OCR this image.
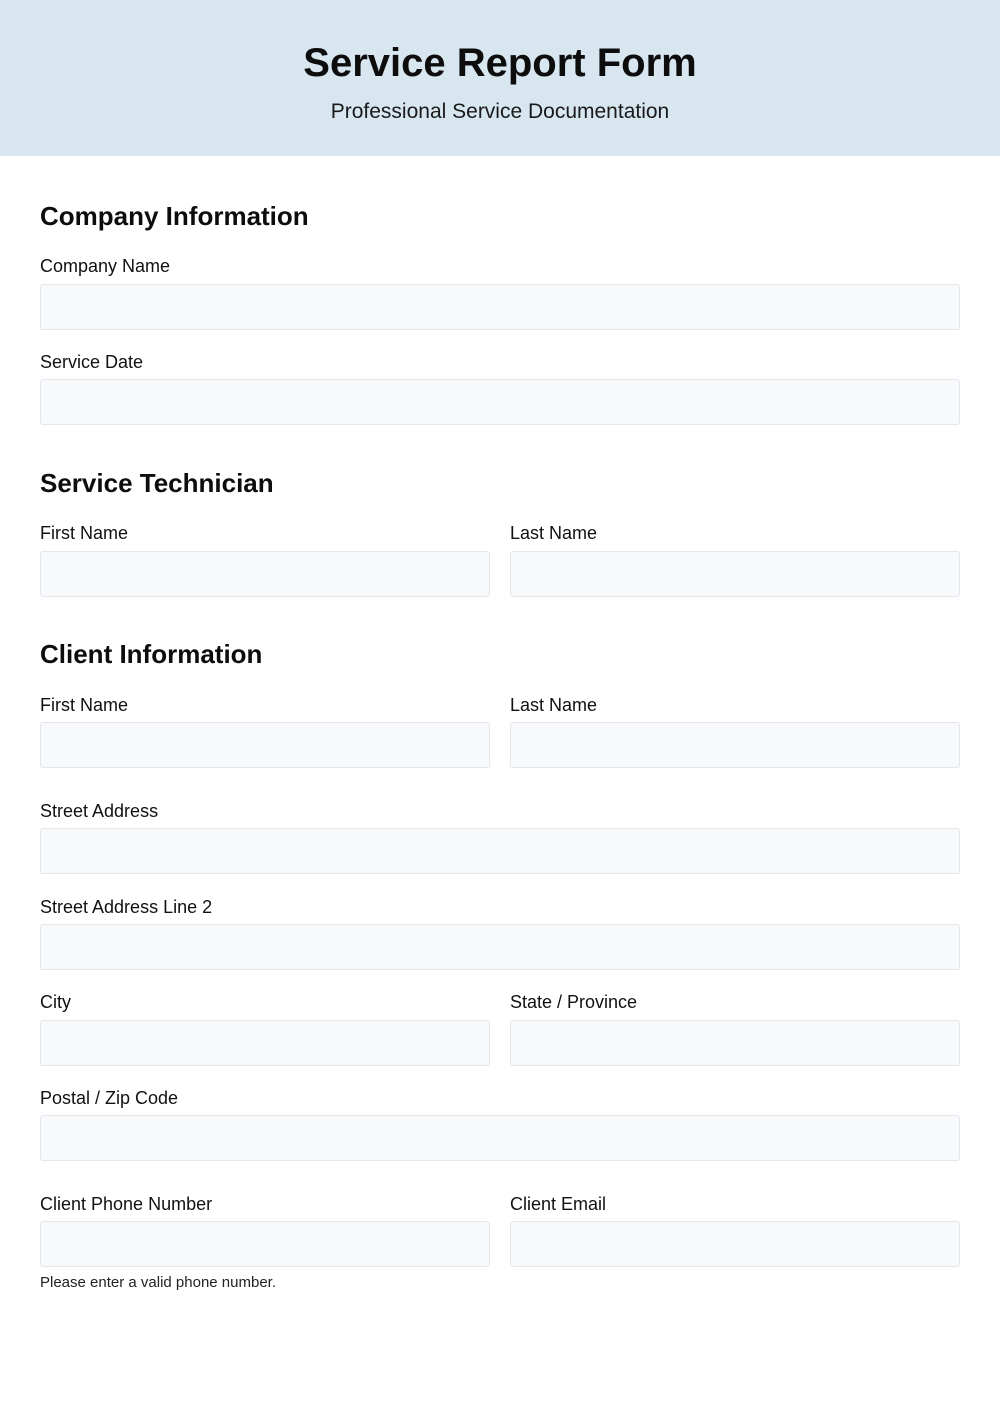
Service Report Form
Professional Service Documentation
Company Information
Company Name
Service Date
Service Technician
First Name	Last Name
Client Information
First Name	Last Name
Street Address
Street Address Line 2
City	State / Province
Postal / Zip Code
Client Phone Number	Client Email
Please enter a valid phone number.
